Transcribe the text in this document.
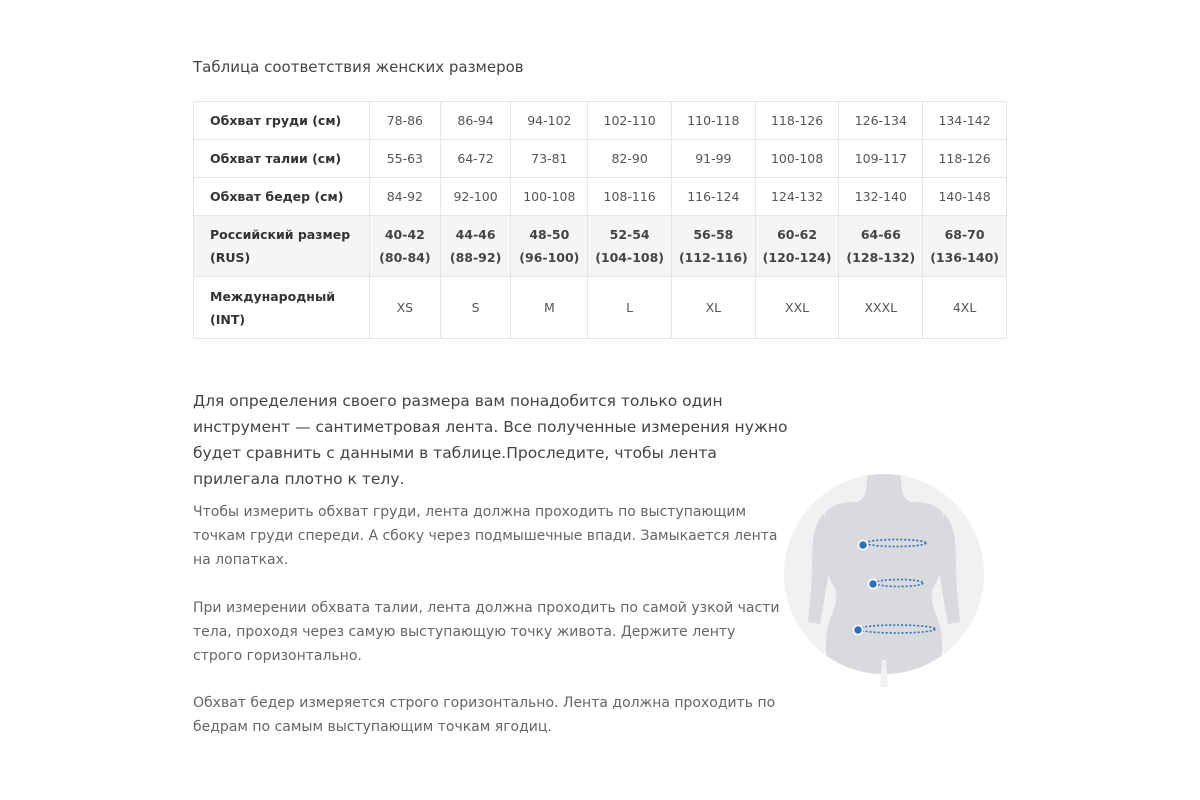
Таблица соответствия женских размеров
Обхват груди (см)	78-86	86-94	94-102	102-110	110-118	118-126	126-134	134-142
Обхват талии (см)	55-63	64-72	73-81	82-90	91-99	100-108	109-117	118-126
Обхват бедер (см)	84-92	92-100	100-108	108-116	116-124	124-132	132-140	140-148
Российский размер (RUS)	40-42 (80-84)	44-46 (88-92)	48-50 (96-100)	52-54 (104-108)	56-58 (112-116)	60-62 (120-124)	64-66 (128-132)	68-70 (136-140)
Международный (INT)	XS	S	M	L	XL	XXL	XXXL	4XL
Для определения своего размера вам понадобится только один инструмент — сантиметровая лента. Все полученные измерения нужно будет сравнить с данными в таблице.Проследите, чтобы лента прилегала плотно к телу.
Чтобы измерить обхват груди, лента должна проходить по выступающим точкам груди спереди. А сбоку через подмышечные впади. Замыкается лента на лопатках.
При измерении обхвата талии, лента должна проходить по самой узкой части тела, проходя через самую выступающую точку живота. Держите ленту строго горизонтально.
Обхват бедер измеряется строго горизонтально. Лента должна проходить по бедрам по самым выступающим точкам ягодиц.
